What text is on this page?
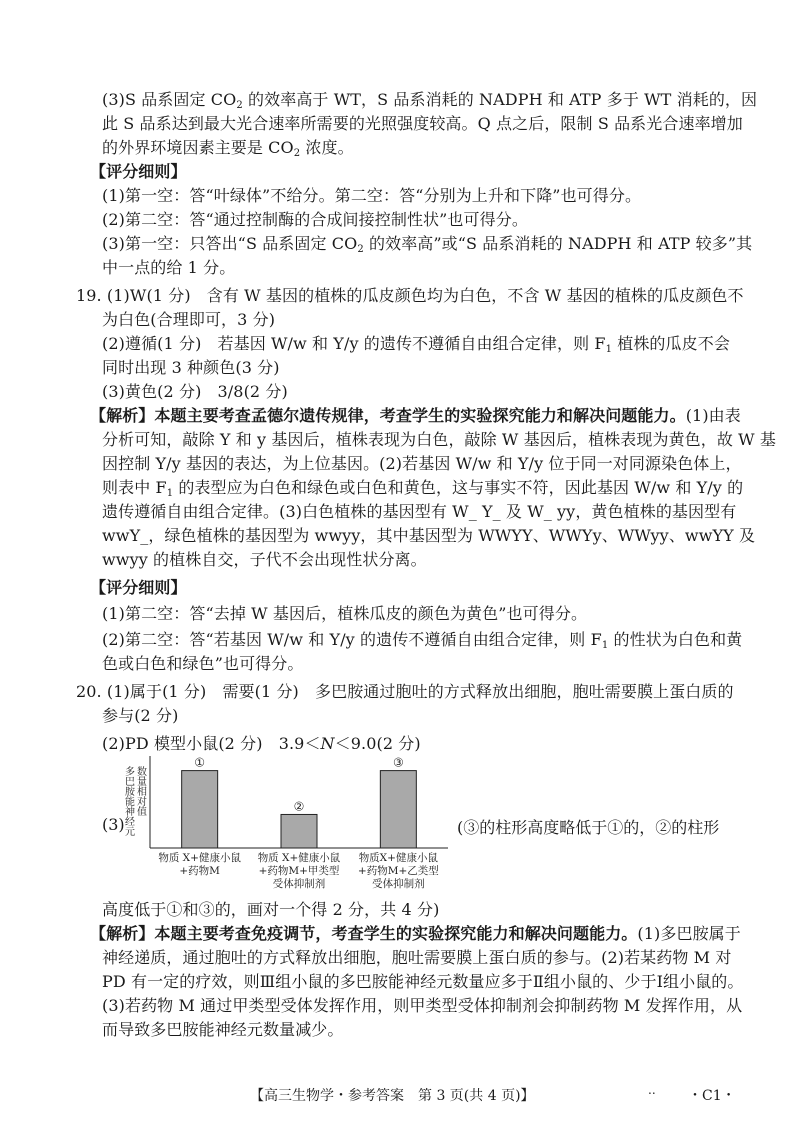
(3)S 品系固定 $CO_2$ 的效率高于 WT，S 品系消耗的 NADPH 和 ATP 多于 WT 消耗的，因
此 S 品系达到最大光合速率所需要的光照强度较高。Q 点之后，限制 S 品系光合速率增加
的外界环境因素主要是 $CO_2$ 浓度。
【评分细则】
(1)第一空：答“叶绿体”不给分。第二空：答“分别为上升和下降”也可得分。
(2)第二空：答“通过控制酶的合成间接控制性状”也可得分。
(3)第一空：只答出“S 品系固定 $CO_2$ 的效率高”或“S 品系消耗的 NADPH 和 ATP 较多”其
中一点的给 1 分。
19. (1)W(1 分)　含有 W 基因的植株的瓜皮颜色均为白色，不含 W 基因的植株的瓜皮颜色不
为白色(合理即可，3 分)
(2)遵循(1 分)　若基因 W/w 和 Y/y 的遗传不遵循自由组合定律，则 $F_1$ 植株的瓜皮不会
同时出现 3 种颜色(3 分)
(3)黄色(2 分)　3/8(2 分)
【解析】本题主要考查孟德尔遗传规律，考查学生的实验探究能力和解决问题能力。(1)由表
分析可知，敲除 Y 和 y 基因后，植株表现为白色，敲除 W 基因后，植株表现为黄色，故 W 基
因控制 Y/y 基因的表达，为上位基因。(2)若基因 W/w 和 Y/y 位于同一对同源染色体上，
则表中 $F_1$ 的表型应为白色和绿色或白色和黄色，这与事实不符，因此基因 W/w 和 Y/y 的
遗传遵循自由组合定律。(3)白色植株的基因型有 W_ Y_ 及 W_ yy，黄色植株的基因型有
wwY_，绿色植株的基因型为 wwyy，其中基因型为 WWYY、WWYy、WWyy、wwYY 及
wwyy 的植株自交，子代不会出现性状分离。
【评分细则】
(1)第二空：答“去掉 W 基因后，植株瓜皮的颜色为黄色”也可得分。
(2)第二空：答“若基因 W/w 和 Y/y 的遗传不遵循自由组合定律，则 $F_1$ 的性状为白色和黄
色或白色和绿色”也可得分。
20. (1)属于(1 分)　需要(1 分)　多巴胺通过胞吐的方式释放出细胞，胞吐需要膜上蛋白质的
参与(2 分)
(2)PD 模型小鼠(2 分)　3.9＜N＜9.0(2 分)
高度低于①和③的，画对一个得 2 分，共 4 分)
【解析】本题主要考查免疫调节，考查学生的实验探究能力和解决问题能力。(1)多巴胺属于
神经递质，通过胞吐的方式释放出细胞，胞吐需要膜上蛋白质的参与。(2)若某药物 M 对
PD 有一定的疗效，则Ⅲ组小鼠的多巴胺能神经元数量应多于Ⅱ组小鼠的、少于Ⅰ组小鼠的。
(3)若药物 M 通过甲类型受体发挥作用，则甲类型受体抑制剂会抑制药物 M 发挥作用，从
而导致多巴胺能神经元数量减少。
(3)
多巴胺能神经元 数量相对值
①
物质 X+健康小鼠
+药物M
②
物质 X+健康小鼠
+药物M+甲类型
受体抑制剂
③
物质X+健康小鼠
+药物M+乙类型
受体抑制剂
(③的柱形高度略低于①的，②的柱形
【高三生物学・参考答案　第 3 页(共 4 页)】	.. ・C1・
